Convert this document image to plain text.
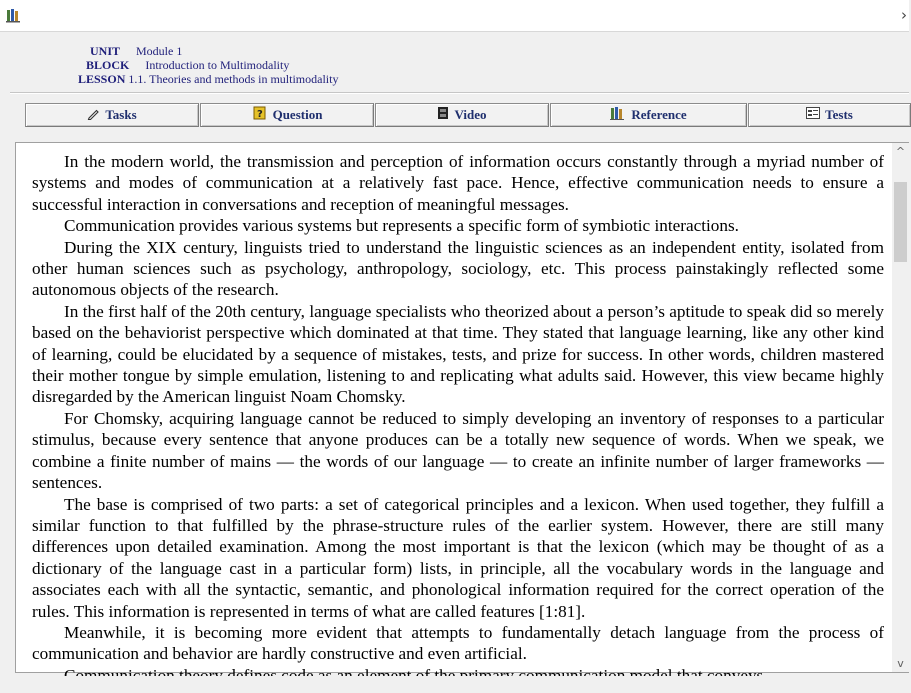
›
UNIT Module 1
BLOCK Introduction to Multimodality
LESSON 1.1. Theories and methods in multimodality
Tasks	? Question	Video	Reference	Tests

In the modern world, the transmission and perception of information occurs constantly through a myriad number of systems and modes of communication at a relatively fast pace. Hence, effective communication needs to ensure a successful interaction in conversations and reception of meaningful messages.

Communication provides various systems but represents a specific form of symbiotic interactions.

During the XIX century, linguists tried to understand the linguistic sciences as an independent entity, isolated from other human sciences such as psychology, anthropology, sociology, etc. This process painstakingly reflected some autonomous objects of the research.

In the first half of the 20th century, language specialists who theorized about a person’s aptitude to speak did so merely based on the behaviorist perspective which dominated at that time. They stated that language learning, like any other kind of learning, could be elucidated by a sequence of mistakes, tests, and prize for success. In other words, children mastered their mother tongue by simple emulation, listening to and replicating what adults said. However, this view became highly disregarded by the American linguist Noam Chomsky.

For Chomsky, acquiring language cannot be reduced to simply developing an inventory of responses to a particular stimulus, because every sentence that anyone produces can be a totally new sequence of words. When we speak, we combine a finite number of mains — the words of our language — to create an infinite number of larger frameworks — sentences.

The base is comprised of two parts: a set of categorical principles and a lexicon. When used together, they fulfill a similar function to that fulfilled by the phrase-structure rules of the earlier system. However, there are still many differences upon detailed examination. Among the most important is that the lexicon (which may be thought of as a dictionary of the language cast in a particular form) lists, in principle, all the vocabulary words in the language and associates each with all the syntactic, semantic, and phonological information required for the correct operation of the rules. This information is represented in terms of what are called features [1:81].

Meanwhile, it is becoming more evident that attempts to fundamentally detach language from the process of communication and behavior are hardly constructive and even artificial.

^
v
